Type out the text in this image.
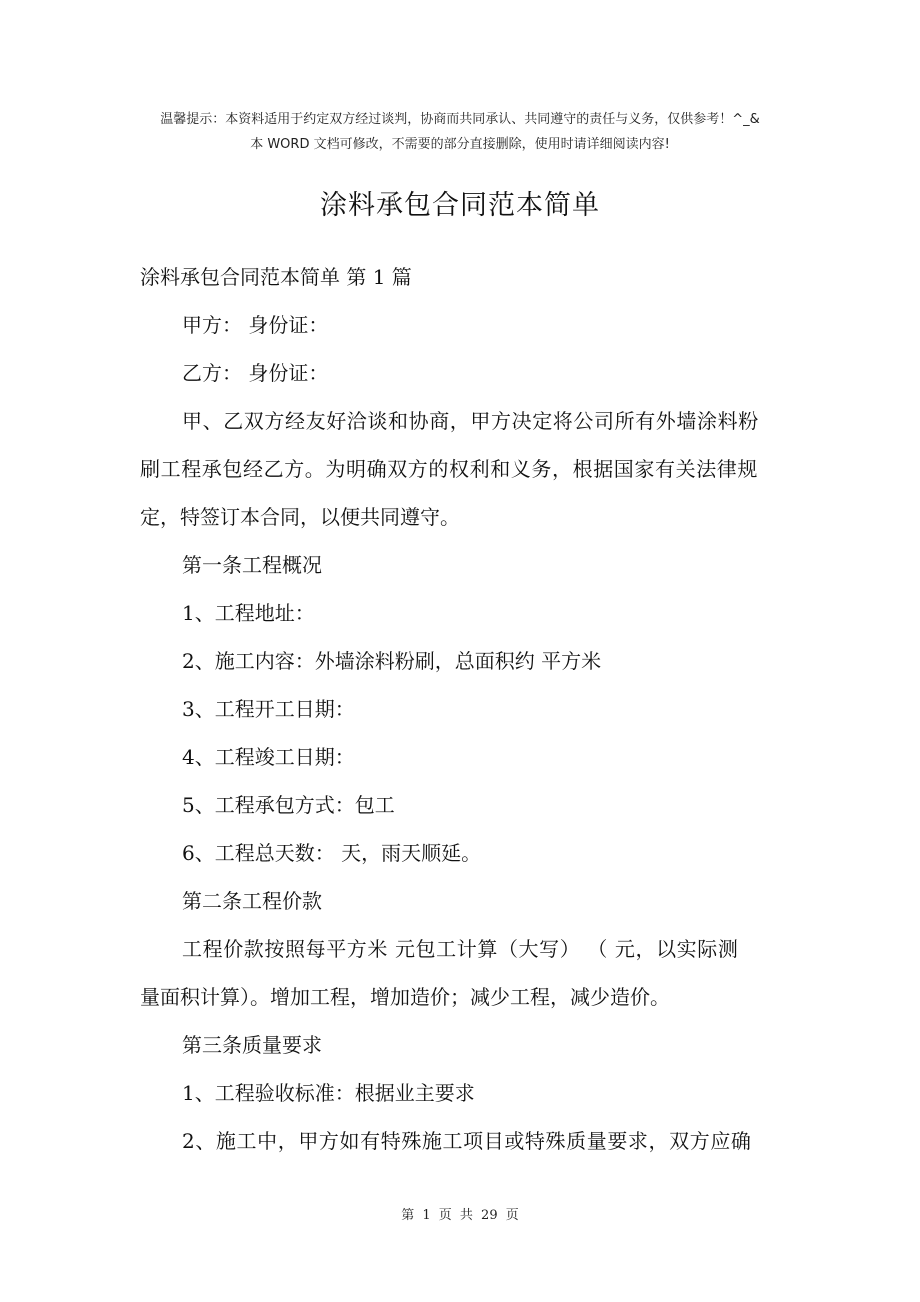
温馨提示：本资料适用于约定双方经过谈判，协商而共同承认、共同遵守的责任与义务，仅供参考！^_&
本 WORD 文档可修改，不需要的部分直接删除，使用时请详细阅读内容!
涂料承包合同范本简单
涂料承包合同范本简单 第 1 篇
甲方： 身份证：
乙方： 身份证：
甲、乙双方经友好洽谈和协商，甲方决定将公司所有外墙涂料粉
刷工程承包经乙方。为明确双方的权利和义务，根据国家有关法律规
定，特签订本合同，以便共同遵守。
第一条工程概况
1、工程地址：
2、施工内容：外墙涂料粉刷，总面积约 平方米
3、工程开工日期：
4、工程竣工日期：
5、工程承包方式：包工
6、工程总天数： 天，雨天顺延。
第二条工程价款
工程价款按照每平方米 元包工计算（大写） （ 元，以实际测
量面积计算）。增加工程，增加造价；减少工程，减少造价。
第三条质量要求
1、工程验收标准：根据业主要求
2、施工中，甲方如有特殊施工项目或特殊质量要求，双方应确
第 1 页 共 29 页
